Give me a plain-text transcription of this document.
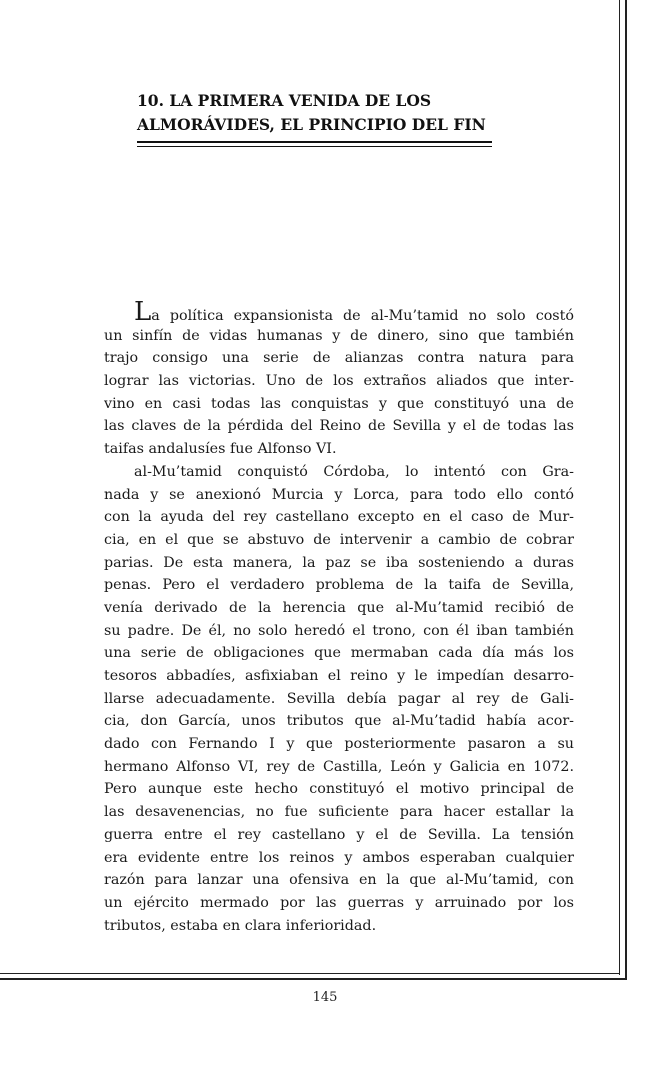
10. LA PRIMERA VENIDA DE LOS
ALMORÁVIDES, EL PRINCIPIO DEL FIN
La política expansionista de al-Mu’tamid no solo costó
un sinfín de vidas humanas y de dinero, sino que también
trajo consigo una serie de alianzas contra natura para
lograr las victorias. Uno de los extraños aliados que inter-
vino en casi todas las conquistas y que constituyó una de
las claves de la pérdida del Reino de Sevilla y el de todas las
taifas andalusíes fue Alfonso VI.
al-Mu’tamid conquistó Córdoba, lo intentó con Gra-
nada y se anexionó Murcia y Lorca, para todo ello contó
con la ayuda del rey castellano excepto en el caso de Mur-
cia, en el que se abstuvo de intervenir a cambio de cobrar
parias. De esta manera, la paz se iba sosteniendo a duras
penas. Pero el verdadero problema de la taifa de Sevilla,
venía derivado de la herencia que al-Mu’tamid recibió de
su padre. De él, no solo heredó el trono, con él iban también
una serie de obligaciones que mermaban cada día más los
tesoros abbadíes, asfixiaban el reino y le impedían desarro-
llarse adecuadamente. Sevilla debía pagar al rey de Gali-
cia, don García, unos tributos que al-Mu’tadid había acor-
dado con Fernando I y que posteriormente pasaron a su
hermano Alfonso VI, rey de Castilla, León y Galicia en 1072.
Pero aunque este hecho constituyó el motivo principal de
las desavenencias, no fue suficiente para hacer estallar la
guerra entre el rey castellano y el de Sevilla. La tensión
era evidente entre los reinos y ambos esperaban cualquier
razón para lanzar una ofensiva en la que al-Mu’tamid, con
un ejército mermado por las guerras y arruinado por los
tributos, estaba en clara inferioridad.
145
